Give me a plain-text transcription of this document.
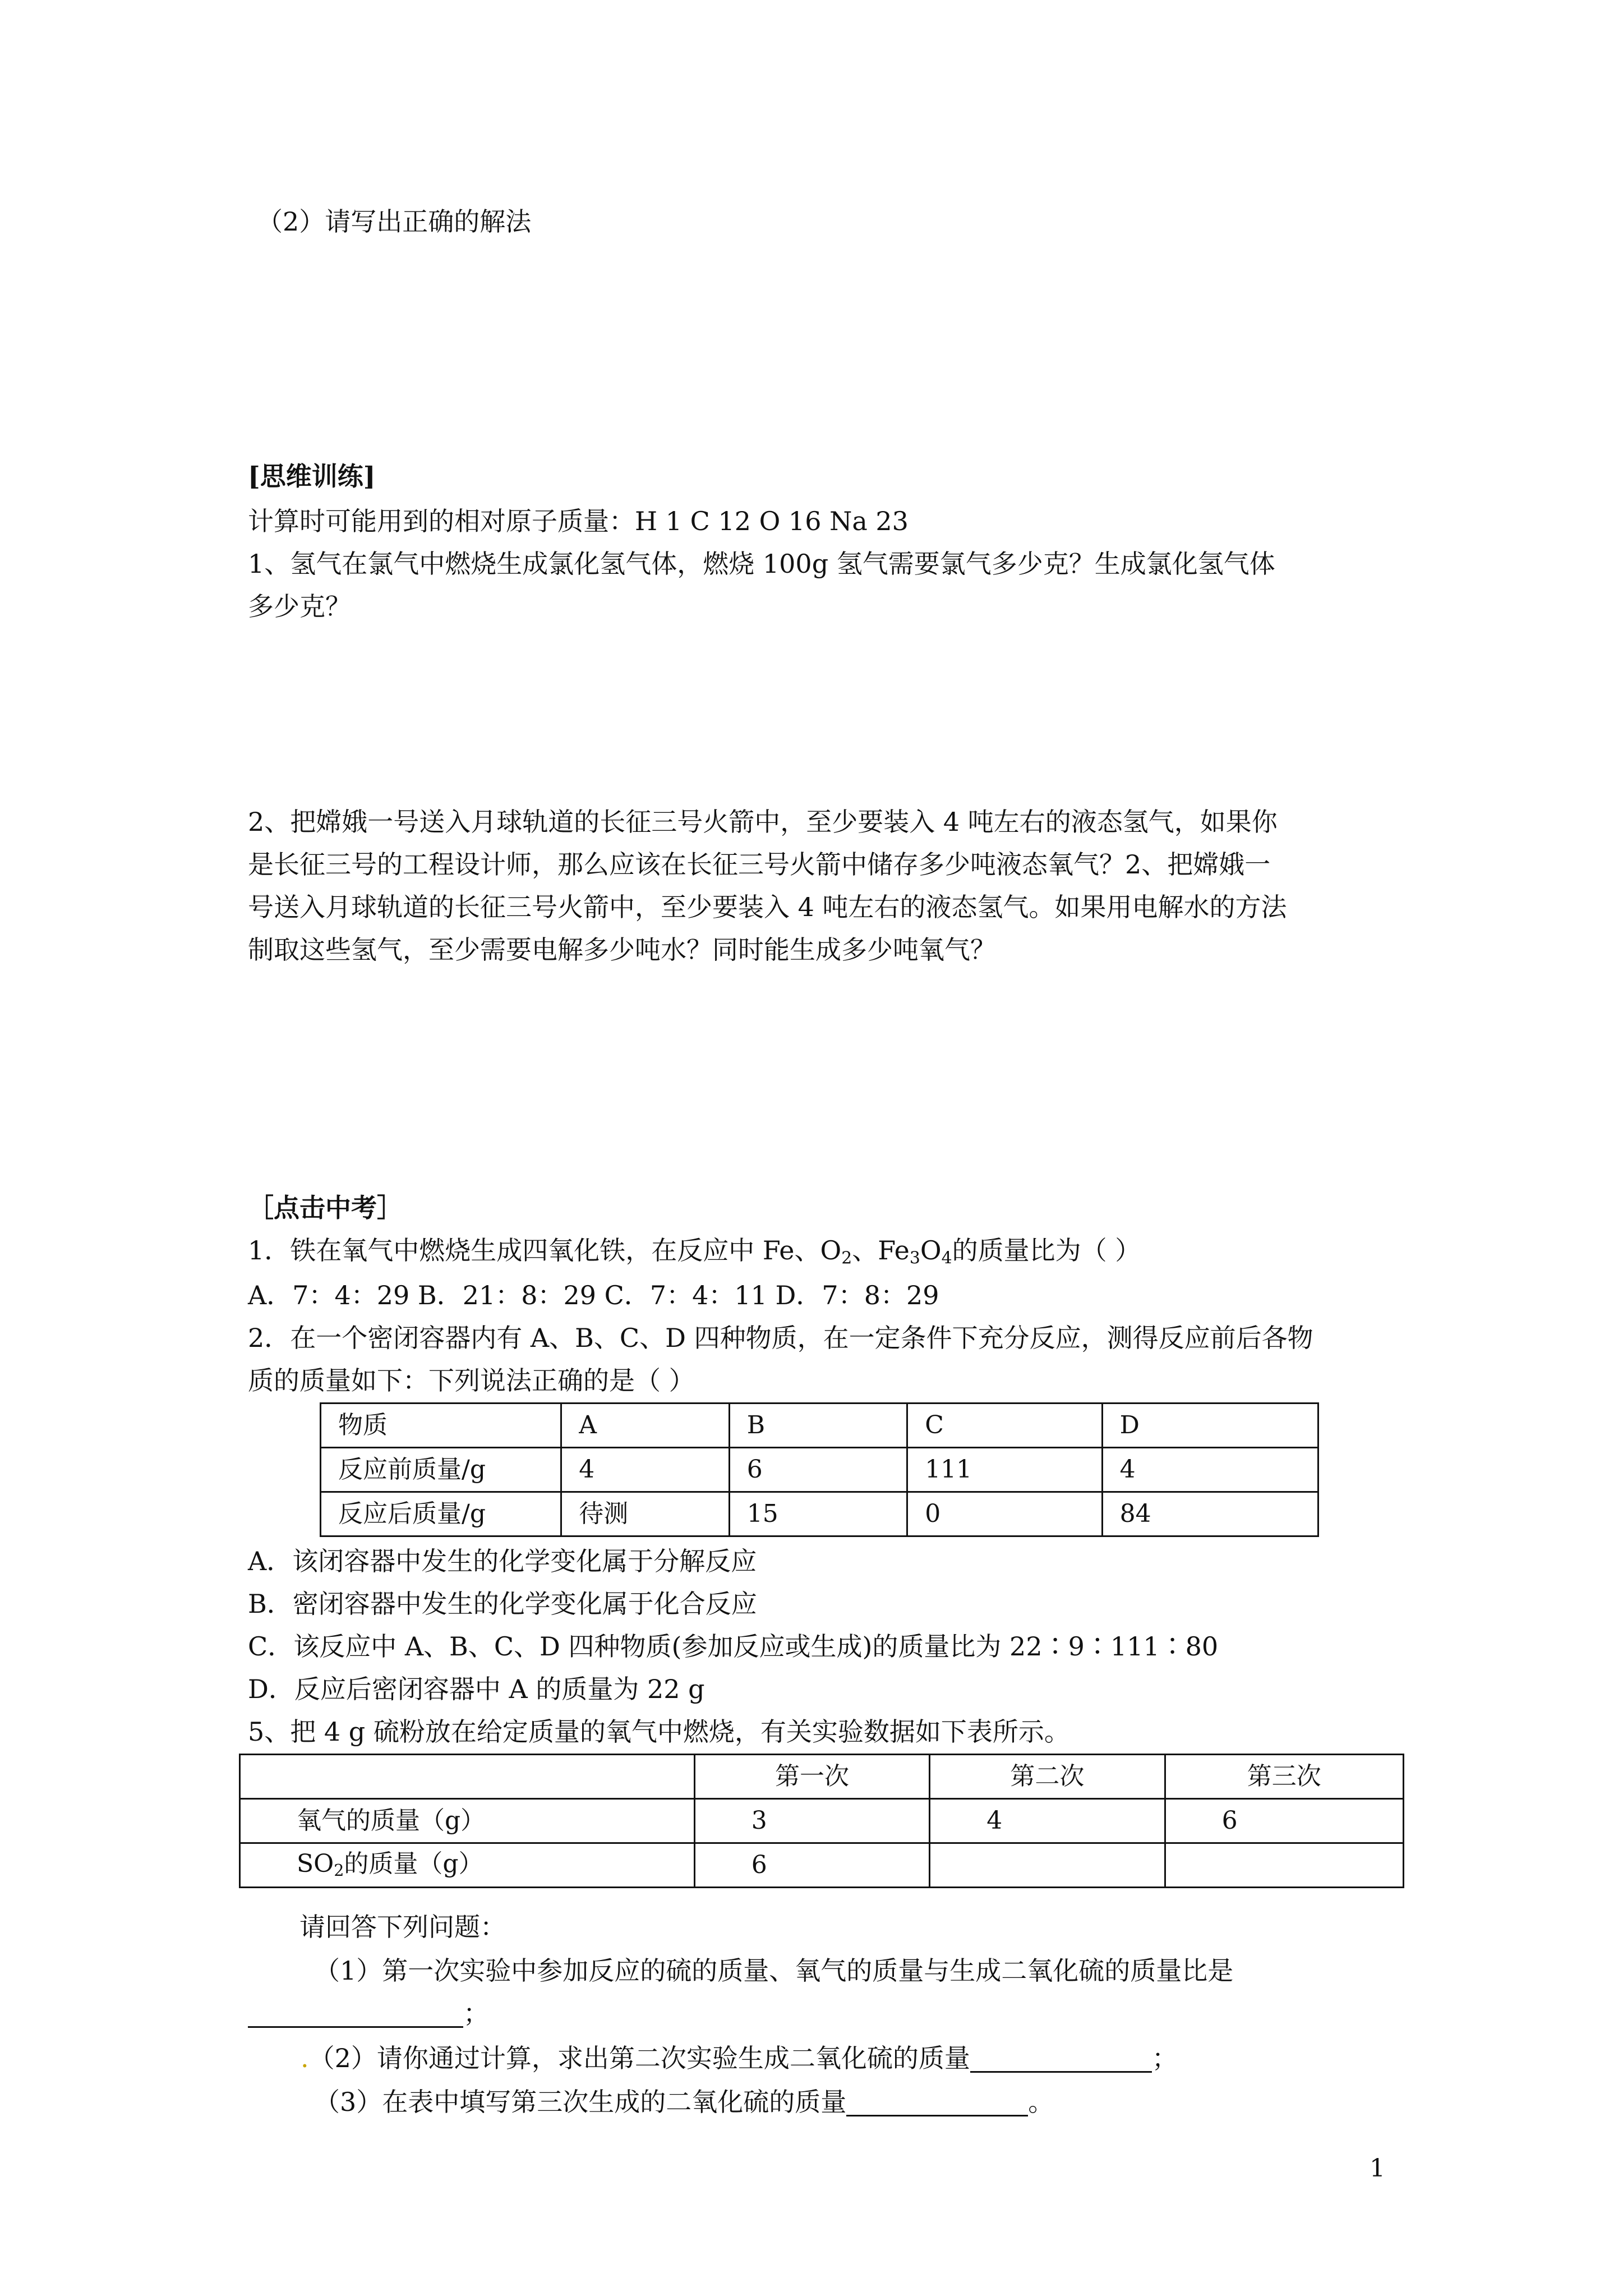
（2）请写出正确的解法
[思维训练]
计算时可能用到的相对原子质量：H 1 C 12 O 16 Na 23
1、氢气在氯气中燃烧生成氯化氢气体，燃烧 100g 氢气需要氯气多少克？生成氯化氢气体
多少克？
2、把嫦娥一号送入月球轨道的长征三号火箭中，至少要装入 4 吨左右的液态氢气，如果你
是长征三号的工程设计师，那么应该在长征三号火箭中储存多少吨液态氧气？2、把嫦娥一
号送入月球轨道的长征三号火箭中，至少要装入 4 吨左右的液态氢气。如果用电解水的方法
制取这些氢气，至少需要电解多少吨水？同时能生成多少吨氧气？
［点击中考］
1．铁在氧气中燃烧生成四氧化铁，在反应中 Fe、$O_2$、$Fe_3O_4$的质量比为（ ）
A．7：4：29 B．21：8：29 C．7：4：11 D．7：8：29
2．在一个密闭容器内有 A、B、C、D 四种物质，在一定条件下充分反应，测得反应前后各物
质的质量如下：下列说法正确的是（ ）
物质	A	B	C	D
反应前质量/g	4	6	111	4
反应后质量/g	待测	15	0	84
A．该闭容器中发生的化学变化属于分解反应
B．密闭容器中发生的化学变化属于化合反应
C．该反应中 A、B、C、D 四种物质(参加反应或生成)的质量比为 22∶9∶111∶80
D．反应后密闭容器中 A 的质量为 22 g
5、把 4 g 硫粉放在给定质量的氧气中燃烧，有关实验数据如下表所示。
	第一次	第二次	第三次
氧气的质量（g）	3	4	6
$SO_2$的质量（g）	6		
请回答下列问题：
（1）第一次实验中参加反应的硫的质量、氧气的质量与生成二氧化硫的质量比是
；
.（2）请你通过计算，求出第二次实验生成二氧化硫的质量	；
（3）在表中填写第三次生成的二氧化硫的质量	。
1
